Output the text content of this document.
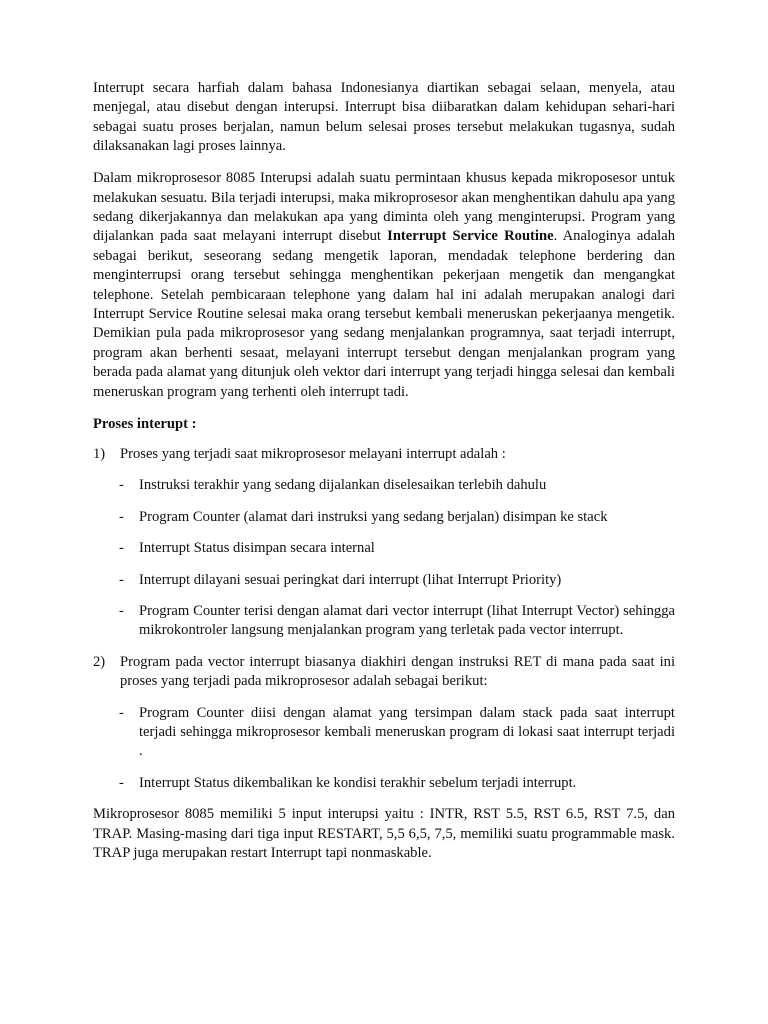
Interrupt secara harfiah dalam bahasa Indonesianya diartikan sebagai selaan, menyela, atau menjegal, atau disebut dengan interupsi. Interrupt bisa diibaratkan dalam kehidupan sehari-hari sebagai suatu proses berjalan, namun belum selesai proses tersebut melakukan tugasnya, sudah dilaksanakan lagi proses lainnya.

Dalam mikroprosesor 8085 Interupsi adalah suatu permintaan khusus kepada mikroposesor untuk melakukan sesuatu. Bila terjadi interupsi, maka mikroprosesor akan menghentikan dahulu apa yang sedang dikerjakannya dan melakukan apa yang diminta oleh yang menginterupsi. Program yang dijalankan pada saat melayani interrupt disebut Interrupt Service Routine. Analoginya adalah sebagai berikut, seseorang sedang mengetik laporan, mendadak telephone berdering dan menginterrupsi orang tersebut sehingga menghentikan pekerjaan mengetik dan mengangkat telephone. Setelah pembicaraan telephone yang dalam hal ini adalah merupakan analogi dari Interrupt Service Routine selesai maka orang tersebut kembali meneruskan pekerjaanya mengetik. Demikian pula pada mikroprosesor yang sedang menjalankan programnya, saat terjadi interrupt, program akan berhenti sesaat, melayani interrupt tersebut dengan menjalankan program yang berada pada alamat yang ditunjuk oleh vektor dari interrupt yang terjadi hingga selesai dan kembali meneruskan program yang terhenti oleh interrupt tadi.

Proses interupt :
1) Proses yang terjadi saat mikroprosesor melayani interrupt adalah :
- Instruksi terakhir yang sedang dijalankan diselesaikan terlebih dahulu
- Program Counter (alamat dari instruksi yang sedang berjalan) disimpan ke stack
- Interrupt Status disimpan secara internal
- Interrupt dilayani sesuai peringkat dari interrupt (lihat Interrupt Priority)
- Program Counter terisi dengan alamat dari vector interrupt (lihat Interrupt Vector) sehingga mikrokontroler langsung menjalankan program yang terletak pada vector interrupt.
2) Program pada vector interrupt biasanya diakhiri dengan instruksi RET di mana pada saat ini proses yang terjadi pada mikroprosesor adalah sebagai berikut:
- Program Counter diisi dengan alamat yang tersimpan dalam stack pada saat interrupt terjadi sehingga mikroprosesor kembali meneruskan program di lokasi saat interrupt terjadi .
- Interrupt Status dikembalikan ke kondisi terakhir sebelum terjadi interrupt.

Mikroprosesor 8085 memiliki 5 input interupsi yaitu : INTR, RST 5.5, RST 6.5, RST 7.5, dan TRAP. Masing-masing dari tiga input RESTART, 5,5 6,5, 7,5, memiliki suatu programmable mask. TRAP juga merupakan restart Interrupt tapi nonmaskable.
